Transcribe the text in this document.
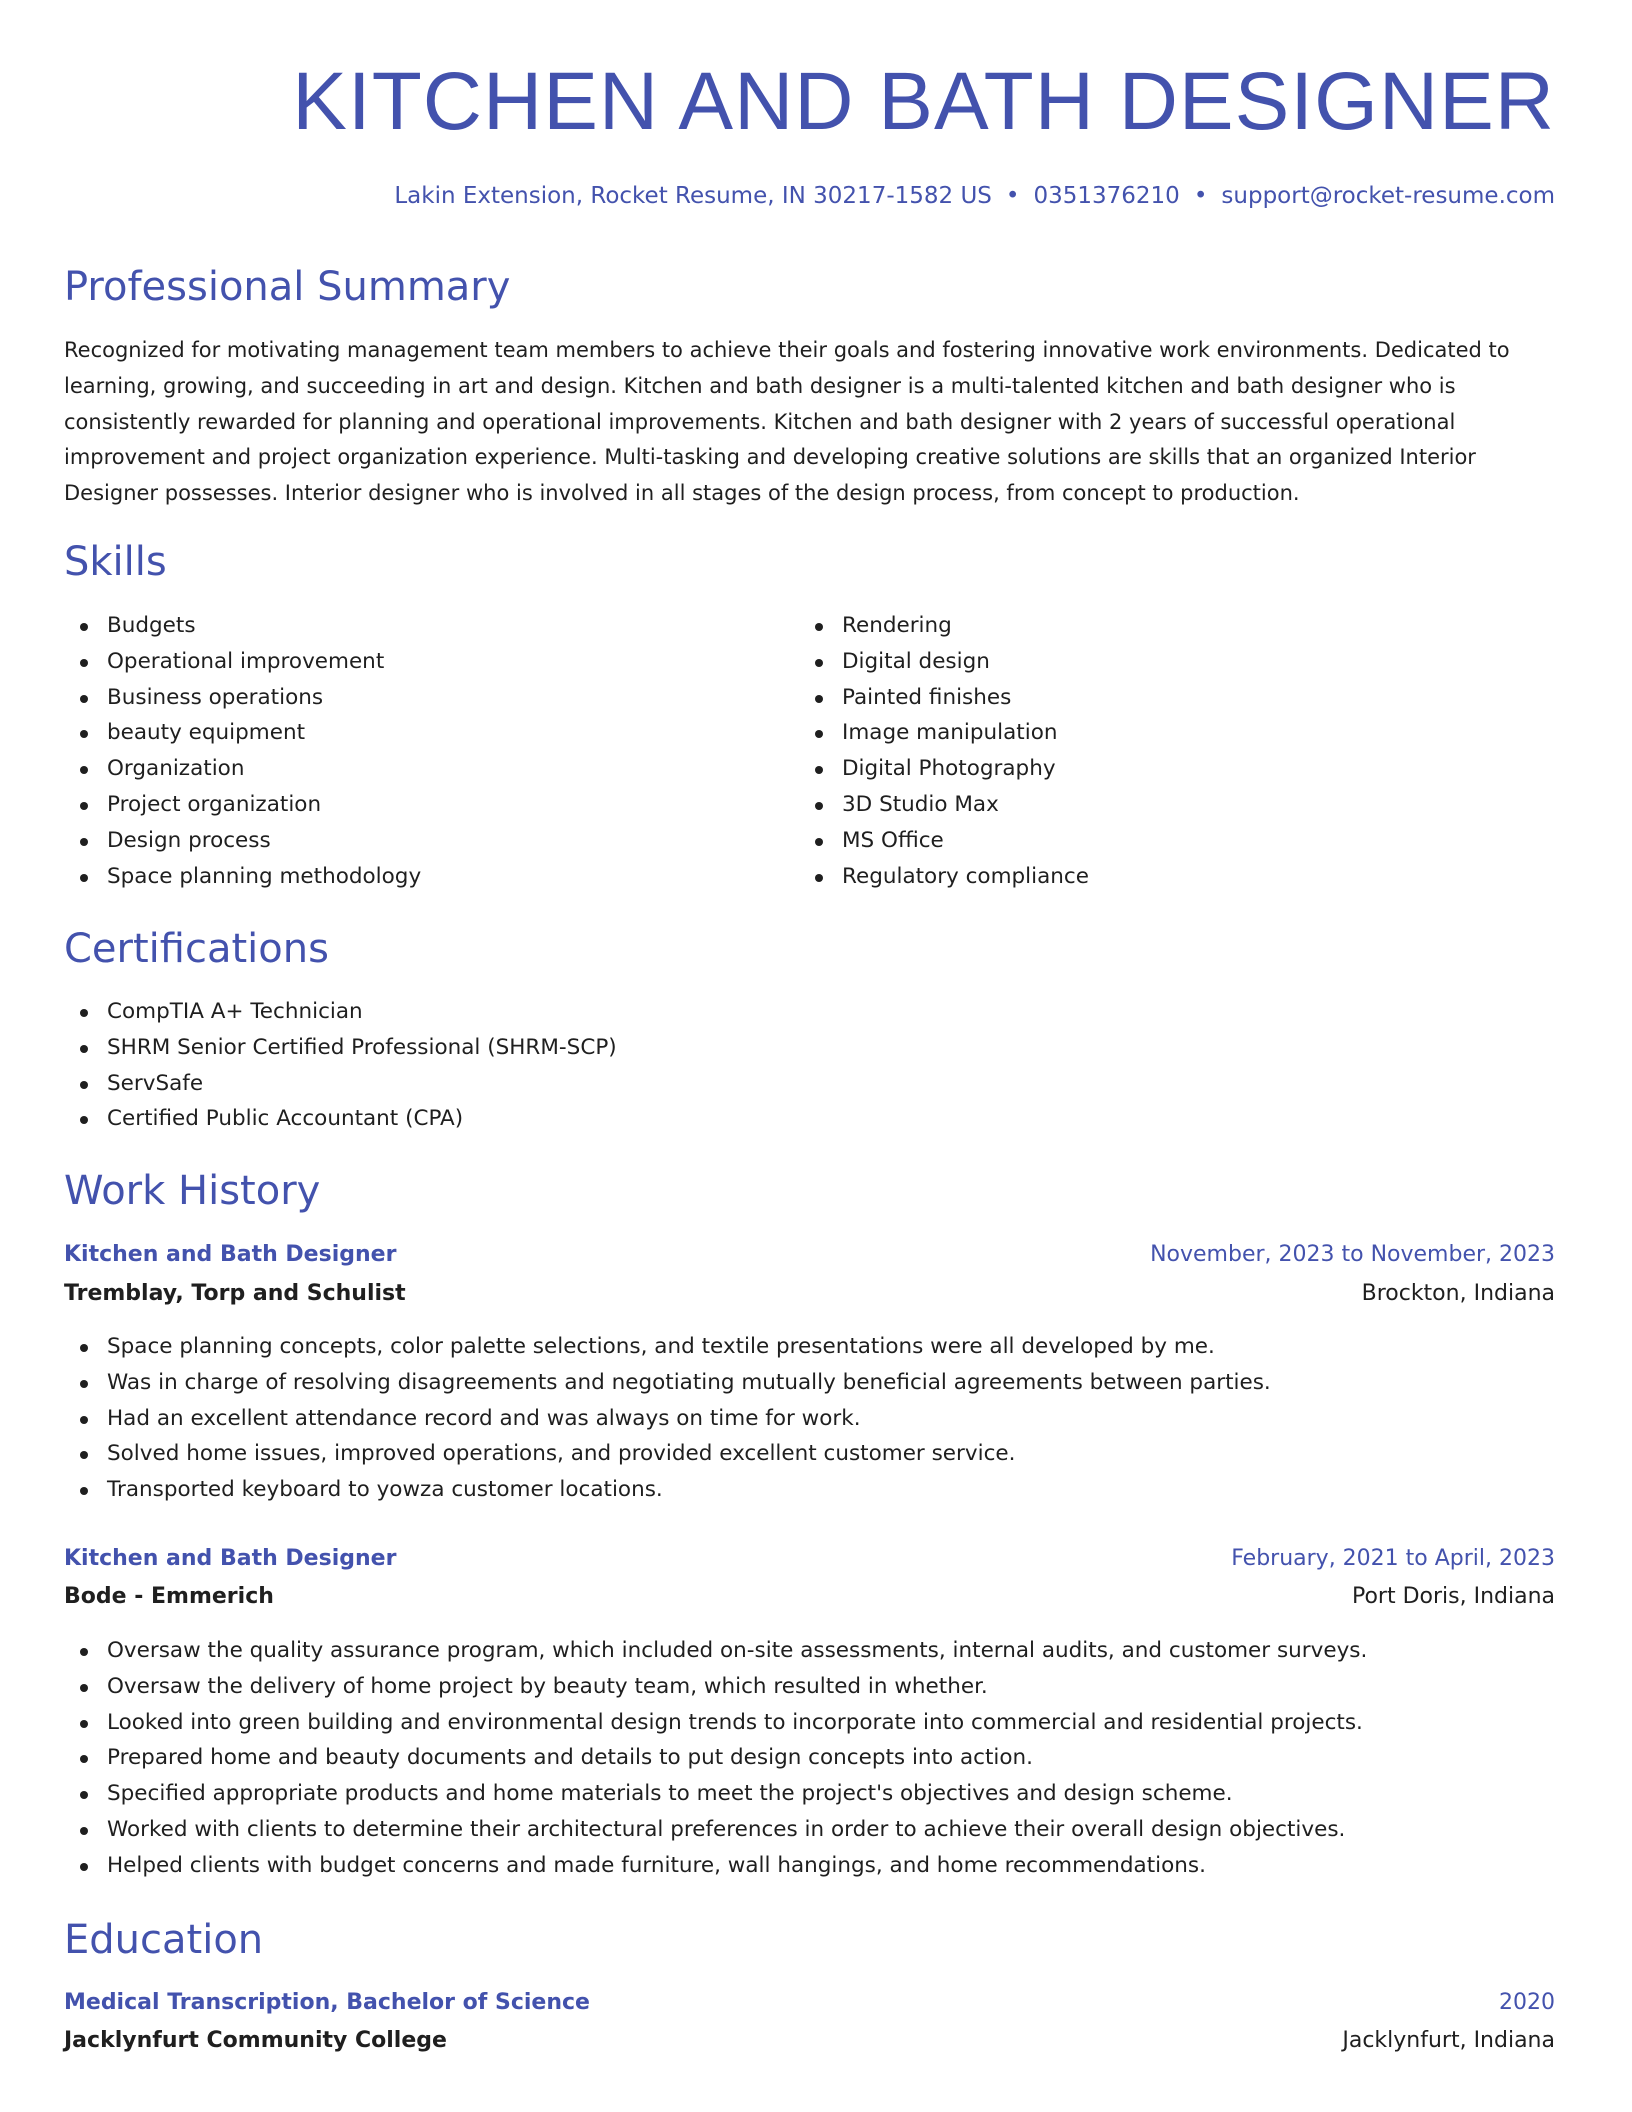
KITCHEN AND BATH DESIGNER
Lakin Extension, Rocket Resume, IN 30217-1582 US • 0351376210 • support@rocket-resume.com
Professional Summary

Recognized for motivating management team members to achieve their goals and fostering innovative work environments. Dedicated to learning, growing, and succeeding in art and design. Kitchen and bath designer is a multi-talented kitchen and bath designer who is consistently rewarded for planning and operational improvements. Kitchen and bath designer with 2 years of successful operational improvement and project organization experience. Multi-tasking and developing creative solutions are skills that an organized Interior Designer possesses. Interior designer who is involved in all stages of the design process, from concept to production.

Skills
Budgets
Operational improvement
Business operations
beauty equipment
Organization
Project organization
Design process
Space planning methodology
Rendering
Digital design
Painted finishes
Image manipulation
Digital Photography
3D Studio Max
MS Office
Regulatory compliance
Certifications
CompTIA A+ Technician
SHRM Senior Certified Professional (SHRM-SCP)
ServSafe
Certified Public Accountant (CPA)
Work History
Kitchen and Bath Designer	November, 2023 to November, 2023
Tremblay, Torp and Schulist	Brockton, Indiana
Space planning concepts, color palette selections, and textile presentations were all developed by me.
Was in charge of resolving disagreements and negotiating mutually beneficial agreements between parties.
Had an excellent attendance record and was always on time for work.
Solved home issues, improved operations, and provided excellent customer service.
Transported keyboard to yowza customer locations.
Kitchen and Bath Designer	February, 2021 to April, 2023
Bode - Emmerich	Port Doris, Indiana
Oversaw the quality assurance program, which included on-site assessments, internal audits, and customer surveys.
Oversaw the delivery of home project by beauty team, which resulted in whether.
Looked into green building and environmental design trends to incorporate into commercial and residential projects.
Prepared home and beauty documents and details to put design concepts into action.
Specified appropriate products and home materials to meet the project's objectives and design scheme.
Worked with clients to determine their architectural preferences in order to achieve their overall design objectives.
Helped clients with budget concerns and made furniture, wall hangings, and home recommendations.
Education
Medical Transcription, Bachelor of Science	2020
Jacklynfurt Community College	Jacklynfurt, Indiana
